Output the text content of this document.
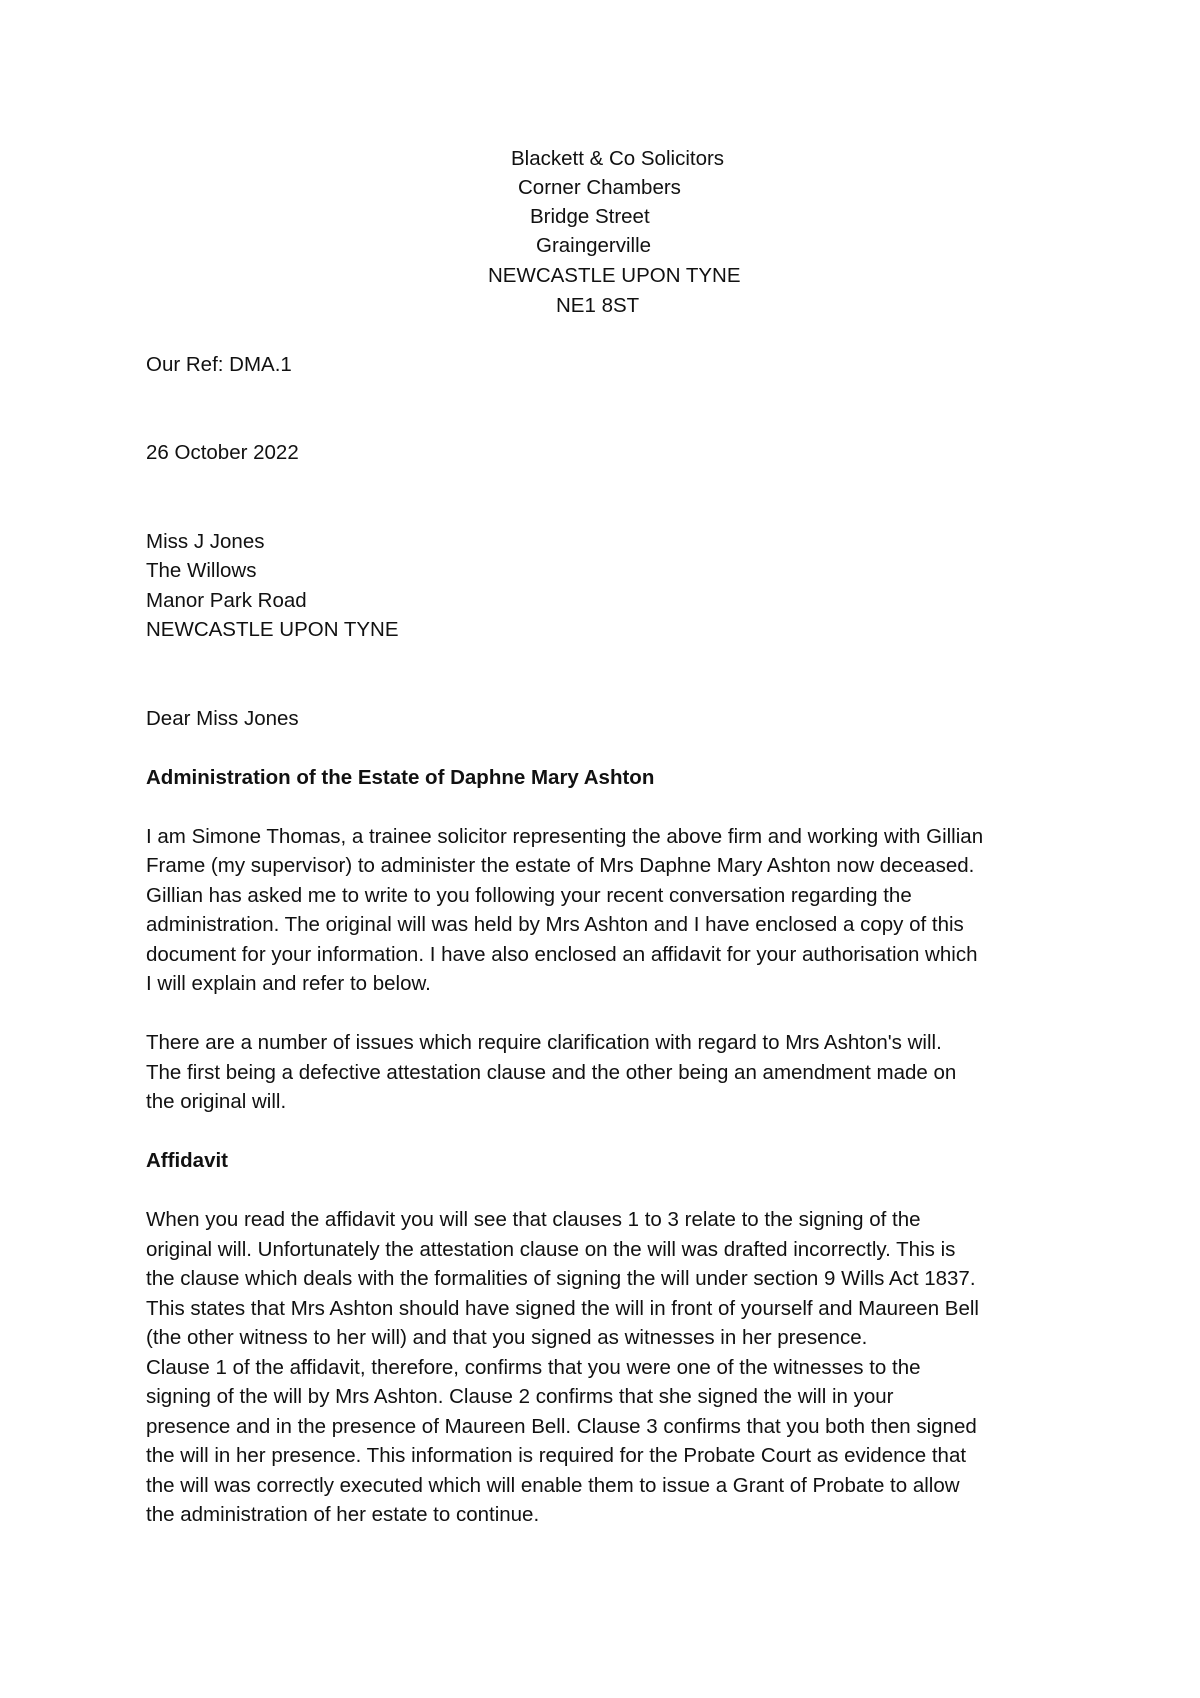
Blackett & Co Solicitors

Corner Chambers

Bridge Street

Graingerville

NEWCASTLE UPON TYNE

NE1 8ST

Our Ref: DMA.1

26 October 2022

Miss J Jones

The Willows

Manor Park Road

NEWCASTLE UPON TYNE

Dear Miss Jones

Administration of the Estate of Daphne Mary Ashton

I am Simone Thomas, a trainee solicitor representing the above firm and working with Gillian

Frame (my supervisor) to administer the estate of Mrs Daphne Mary Ashton now deceased.

Gillian has asked me to write to you following your recent conversation regarding the

administration. The original will was held by Mrs Ashton and I have enclosed a copy of this

document for your information. I have also enclosed an affidavit for your authorisation which

I will explain and refer to below.

There are a number of issues which require clarification with regard to Mrs Ashton's will.

The first being a defective attestation clause and the other being an amendment made on

the original will.

Affidavit

When you read the affidavit you will see that clauses 1 to 3 relate to the signing of the

original will. Unfortunately the attestation clause on the will was drafted incorrectly. This is

the clause which deals with the formalities of signing the will under section 9 Wills Act 1837.

This states that Mrs Ashton should have signed the will in front of yourself and Maureen Bell

(the other witness to her will) and that you signed as witnesses in her presence.

Clause 1 of the affidavit, therefore, confirms that you were one of the witnesses to the

signing of the will by Mrs Ashton. Clause 2 confirms that she signed the will in your

presence and in the presence of Maureen Bell. Clause 3 confirms that you both then signed

the will in her presence. This information is required for the Probate Court as evidence that

the will was correctly executed which will enable them to issue a Grant of Probate to allow

the administration of her estate to continue.
